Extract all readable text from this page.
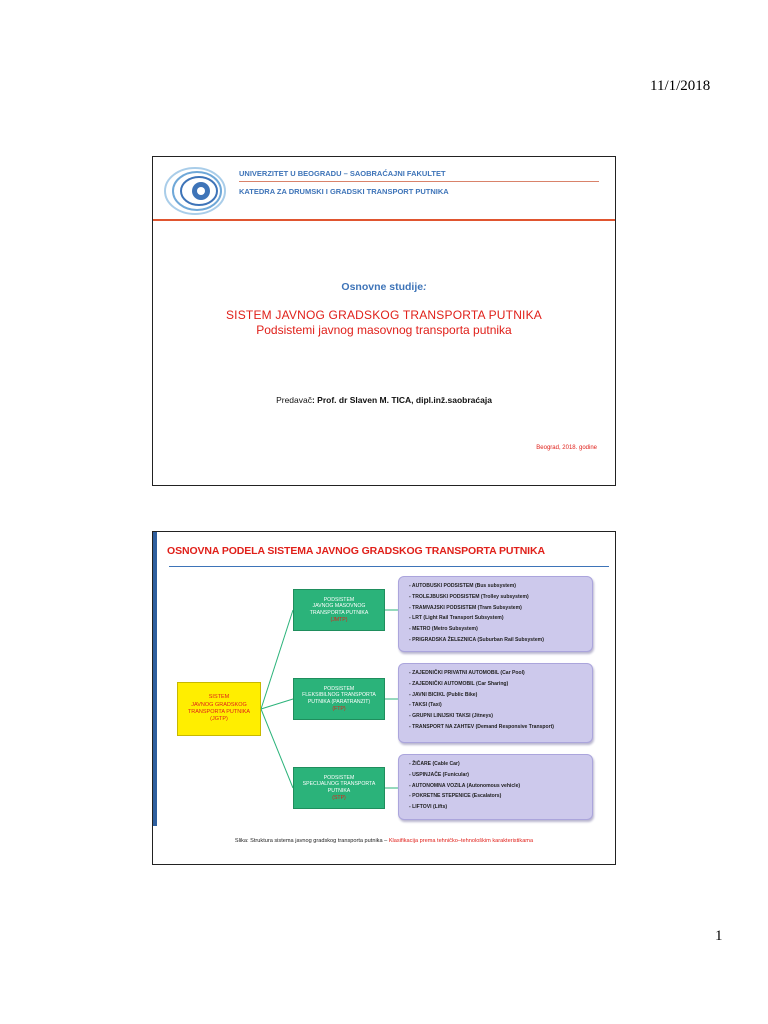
11/1/2018
UNIVERZITET U BEOGRADU – SAOBRAĆAJNI FAKULTET
KATEDRA ZA DRUMSKI I GRADSKI TRANSPORT PUTNIKA
Osnovne studije:
SISTEM JAVNOG GRADSKOG TRANSPORTA PUTNIKA
Podsistemi javnog masovnog transporta putnika
Predavač: Prof. dr Slaven M. TICA, dipl.inž.saobraćaja
Beograd, 2018. godine
OSNOVNA PODELA SISTEMA JAVNOG GRADSKOG TRANSPORTA PUTNIKA
SISTEM
JAVNOG GRADSKOG
TRANSPORTA PUTNIKA
(JGTP)
PODSISTEM
JAVNOG MASOVNOG
TRANSPORTA PUTNIKA
(JMTP)
PODSISTEM
FLEKSIBILNOG TRANSPORTA
PUTNIKA (PARATRANZIT)
(FTP)
PODSISTEM
SPECIJALNOG TRANSPORTA
PUTNIKA
(STP)
- AUTOBUSKI PODSISTEM (Bus subsystem)
- TROLEJBUSKI PODSISTEM (Trolley subsystem)
- TRAMVAJSKI PODSISTEM (Tram Subsystem)
- LRT (Light Rail Transport Subsystem)
- METRO (Metro Subsystem)
- PRIGRADSKA ŽELEZNICA (Suburban Rail Subsystem)
- ZAJEDNIČKI PRIVATNI AUTOMOBIL (Car Pool)
- ZAJEDNIČKI AUTOMOBIL (Car Sharing)
- JAVNI BICIKL (Public Bike)
- TAKSI (Taxi)
- GRUPNI LINIJSKI TAKSI (Jitneys)
- TRANSPORT NA ZAHTEV (Demand Responsive Transport)
- ŽIČARE (Cable Car)
- USPINJAČE (Funicular)
- AUTONOMNA VOZILA (Autonomous vehicle)
- POKRETNE STEPENICE (Escalators)
- LIFTOVI (Lifts)
Slika: Struktura sistema javnog gradskog transporta putnika – Klasifikacija prema tehničko–tehnološkim karakteristikama
1
